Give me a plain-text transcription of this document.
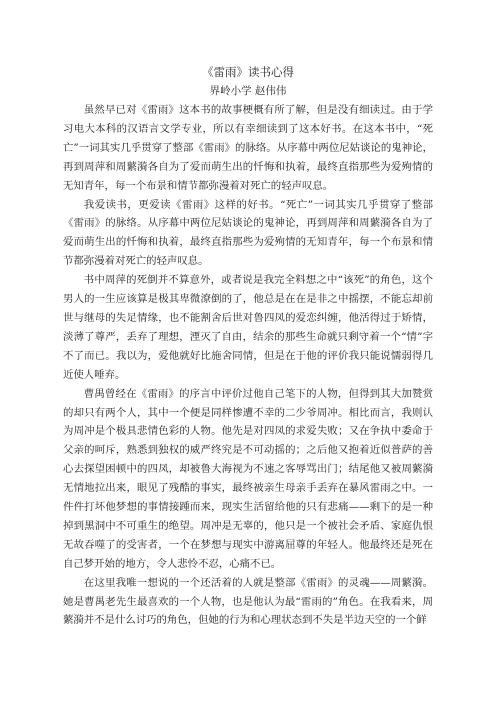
《雷雨》读书心得
界岭小学 赵伟伟

虽然早已对《雷雨》这本书的故事梗概有所了解，但是没有细读过。由于学习电大本科的汉语言文学专业，所以有幸细读到了这本好书。在这本书中，“死亡”一词其实几乎贯穿了整部《雷雨》的脉络。从序幕中两位尼姑谈论的鬼神论，再到周萍和周蘩漪各自为了爱而萌生出的忏悔和执着，最终直指那些为爱殉情的无知青年，每一个布景和情节都弥漫着对死亡的轻声叹息。

我爱读书，更爱读《雷雨》这样的好书。“死亡”一词其实几乎贯穿了整部《雷雨》的脉络。从序幕中两位尼姑谈论的鬼神论，再到周萍和周蘩漪各自为了爱而萌生出的忏悔和执着，最终直指那些为爱殉情的无知青年，每一个布景和情节都弥漫着对死亡的轻声叹息。

书中周萍的死倒并不算意外，或者说是我完全料想之中“该死”的角色，这个男人的一生应该算是极其卑微潦倒的了，他总是在在是非之中摇摆，不能忘却前世与继母的失足情缘，也不能割舍后世对鲁四凤的爱恋纠缠，他活得过于矫情，淡薄了尊严，丢弃了理想，湮灭了自由，结余的那些生命就只剩守着一个“情”字不了而已。我以为，爱他就好比施舍同情，但是在于他的评价我只能说懦弱得几近使人唾弃。

曹禺曾经在《雷雨》的序言中评价过他自己笔下的人物，但得到其大加赞赏的却只有两个人，其中一个便是同样惨遭不幸的二少爷周冲。相比而言，我则认为周冲是个极具悲情色彩的人物。他先是对四凤的求爱失败；又在争执中委命于父亲的呵斥，熟悉到独权的威严终究是不可动摇的；之后他又抱着近似普萨的善心去探望困顿中的四凤，却被鲁大海视为不速之客辱骂出门；结尾他又被周蘩漪无情地拉出来，眼见了残酷的事实，最终被亲生母亲手丢弃在暴风雷雨之中。一件件打坏他梦想的事情接踵而来，现实生活留给他的只有悲痛——剩下的是一种掉到黑洞中不可重生的绝望。周冲是无辜的，他只是一个被社会矛盾、家庭仇恨无故吞噬了的受害者，一个在梦想与现实中游离屈尊的年轻人。他最终还是死在自己梦开始的地方，令人悲怜不忍，心痛不已。

在这里我唯一想说的一个还活着的人就是整部《雷雨》的灵魂——周蘩漪。她是曹禺老先生最喜欢的一个人物，也是他认为最“雷雨的”角色。在我看来，周蘩漪并不是什么讨巧的角色，但她的行为和心理状态到不失是半边天空的一个鲜
